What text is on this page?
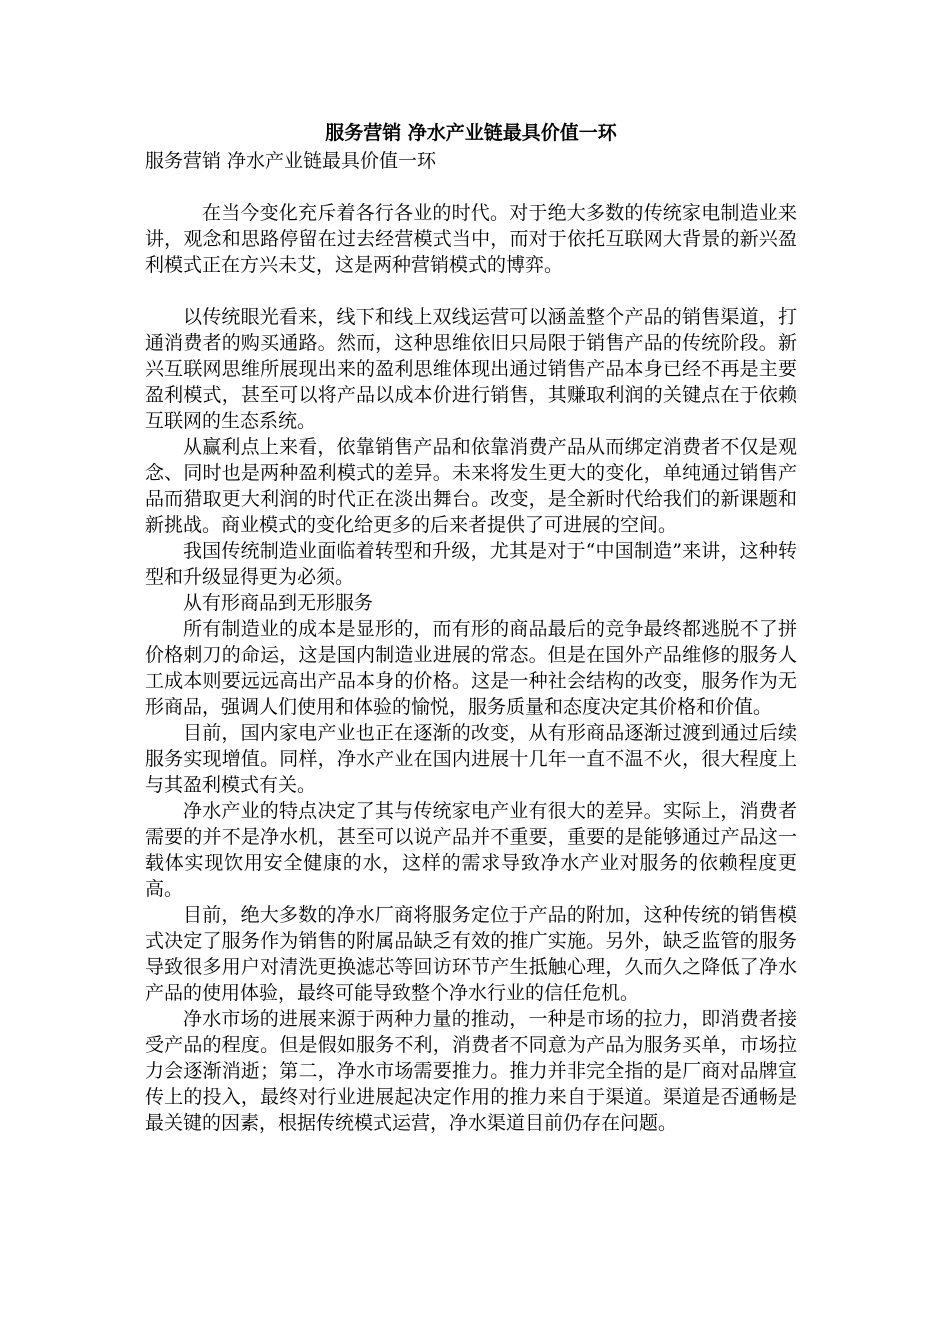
服务营销 净水产业链最具价值一环

服务营销 净水产业链最具价值一环

在当今变化充斥着各行各业的时代。对于绝大多数的传统家电制造业来讲，观念和思路停留在过去经营模式当中，而对于依托互联网大背景的新兴盈利模式正在方兴未艾，这是两种营销模式的博弈。

以传统眼光看来，线下和线上双线运营可以涵盖整个产品的销售渠道，打通消费者的购买通路。然而，这种思维依旧只局限于销售产品的传统阶段。新兴互联网思维所展现出来的盈利思维体现出通过销售产品本身已经不再是主要盈利模式，甚至可以将产品以成本价进行销售，其赚取利润的关键点在于依赖互联网的生态系统。

从赢利点上来看，依靠销售产品和依靠消费产品从而绑定消费者不仅是观念、同时也是两种盈利模式的差异。未来将发生更大的变化，单纯通过销售产品而猎取更大利润的时代正在淡出舞台。改变，是全新时代给我们的新课题和新挑战。商业模式的变化给更多的后来者提供了可进展的空间。

我国传统制造业面临着转型和升级，尤其是对于“中国制造”来讲，这种转型和升级显得更为必须。

从有形商品到无形服务

所有制造业的成本是显形的，而有形的商品最后的竞争最终都逃脱不了拼价格刺刀的命运，这是国内制造业进展的常态。但是在国外产品维修的服务人工成本则要远远高出产品本身的价格。这是一种社会结构的改变，服务作为无形商品，强调人们使用和体验的愉悦，服务质量和态度决定其价格和价值。

目前，国内家电产业也正在逐渐的改变，从有形商品逐渐过渡到通过后续服务实现增值。同样，净水产业在国内进展十几年一直不温不火，很大程度上与其盈利模式有关。

净水产业的特点决定了其与传统家电产业有很大的差异。实际上，消费者需要的并不是净水机，甚至可以说产品并不重要，重要的是能够通过产品这一载体实现饮用安全健康的水，这样的需求导致净水产业对服务的依赖程度更高。

目前，绝大多数的净水厂商将服务定位于产品的附加，这种传统的销售模式决定了服务作为销售的附属品缺乏有效的推广实施。另外，缺乏监管的服务导致很多用户对清洗更换滤芯等回访环节产生抵触心理，久而久之降低了净水产品的使用体验，最终可能导致整个净水行业的信任危机。

净水市场的进展来源于两种力量的推动，一种是市场的拉力，即消费者接受产品的程度。但是假如服务不利，消费者不同意为产品为服务买单，市场拉力会逐渐消逝；第二，净水市场需要推力。推力并非完全指的是厂商对品牌宣传上的投入，最终对行业进展起决定作用的推力来自于渠道。渠道是否通畅是最关键的因素，根据传统模式运营，净水渠道目前仍存在问题。
